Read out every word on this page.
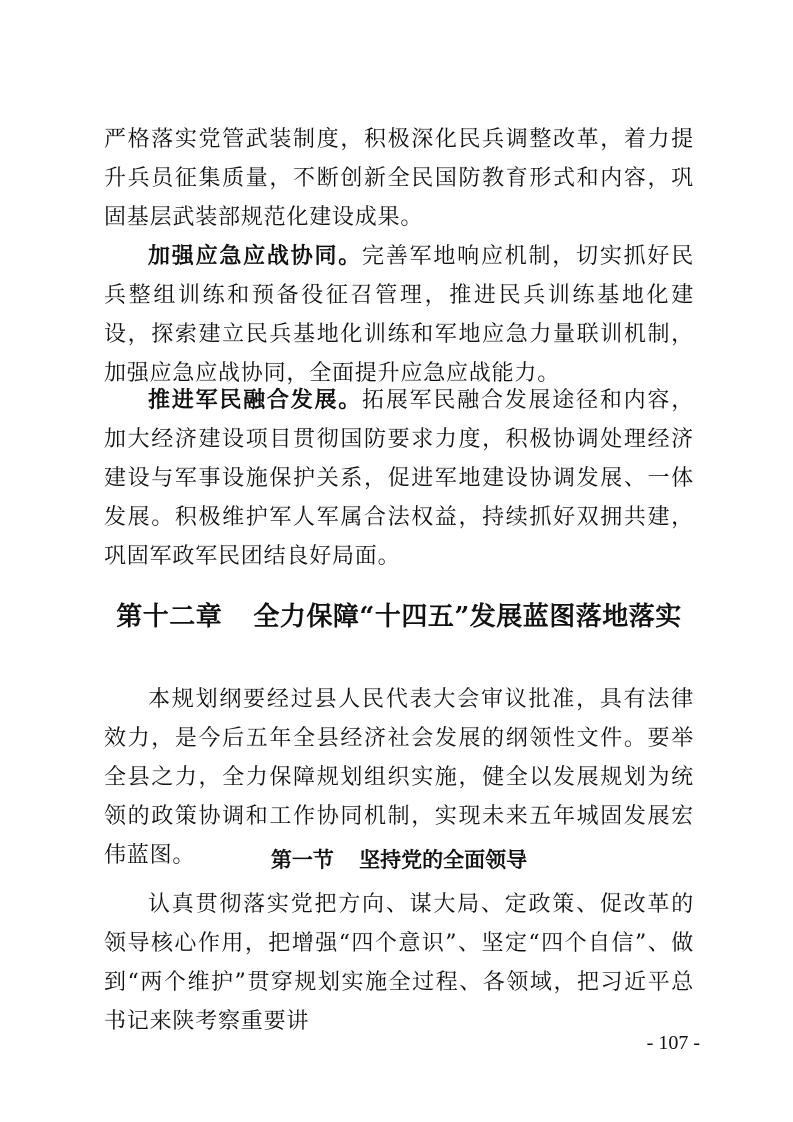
严格落实党管武装制度，积极深化民兵调整改革，着力提升兵员征集质量，不断创新全民国防教育形式和内容，巩固基层武装部规范化建设成果。

加强应急应战协同。完善军地响应机制，切实抓好民兵整组训练和预备役征召管理，推进民兵训练基地化建设，探索建立民兵基地化训练和军地应急力量联训机制，加强应急应战协同，全面提升应急应战能力。

推进军民融合发展。拓展军民融合发展途径和内容，加大经济建设项目贯彻国防要求力度，积极协调处理经济建设与军事设施保护关系，促进军地建设协调发展、一体发展。积极维护军人军属合法权益，持续抓好双拥共建，巩固军政军民团结良好局面。

第十二章 全力保障“十四五”发展蓝图落地落实

本规划纲要经过县人民代表大会审议批准，具有法律效力，是今后五年全县经济社会发展的纲领性文件。要举全县之力，全力保障规划组织实施，健全以发展规划为统领的政策协调和工作协同机制，实现未来五年城固发展宏伟蓝图。	第一节 坚持党的全面领导

认真贯彻落实党把方向、谋大局、定政策、促改革的领导核心作用，把增强“四个意识”、坚定“四个自信”、做到“两个维护”贯穿规划实施全过程、各领域，把习近平总书记来陕考察重要讲

- 107 -
